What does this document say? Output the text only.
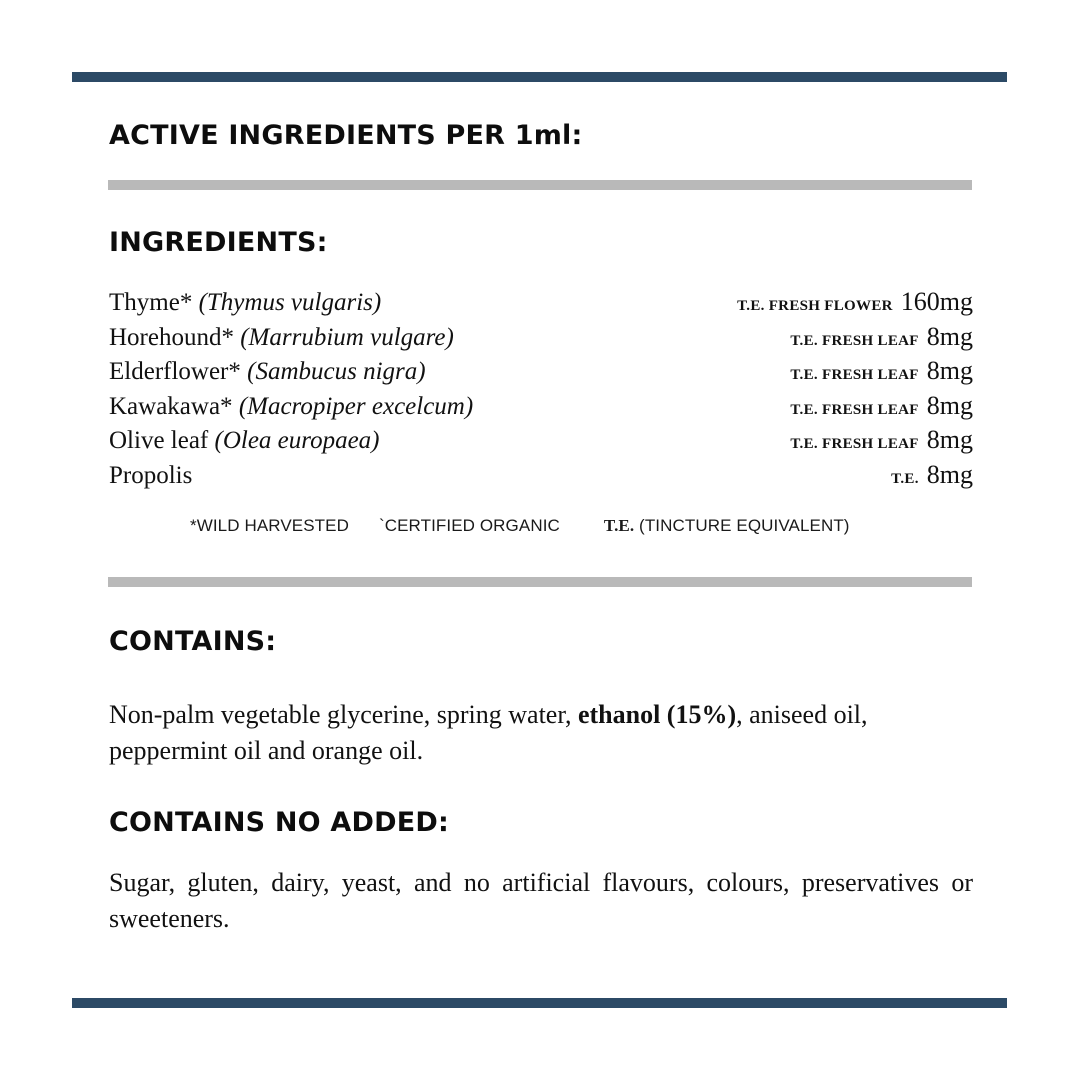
ACTIVE INGREDIENTS PER 1ml:
INGREDIENTS:
Thyme* (Thymus vulgaris)	T.E. FRESH FLOWER 160mg
Horehound* (Marrubium vulgare)	T.E. FRESH LEAF 8mg
Elderflower* (Sambucus nigra)	T.E. FRESH LEAF 8mg
Kawakawa* (Macropiper excelcum)	T.E. FRESH LEAF 8mg
Olive leaf (Olea europaea)	T.E. FRESH LEAF 8mg
Propolis	T.E. 8mg
*WILD HARVESTED `CERTIFIED ORGANIC	T.E. (TINCTURE EQUIVALENT)
CONTAINS:

Non-palm vegetable glycerine, spring water, ethanol (15%), aniseed oil, peppermint oil and orange oil.

CONTAINS NO ADDED:

Sugar, gluten, dairy, yeast, and no artificial flavours, colours, preservatives or sweeteners.
